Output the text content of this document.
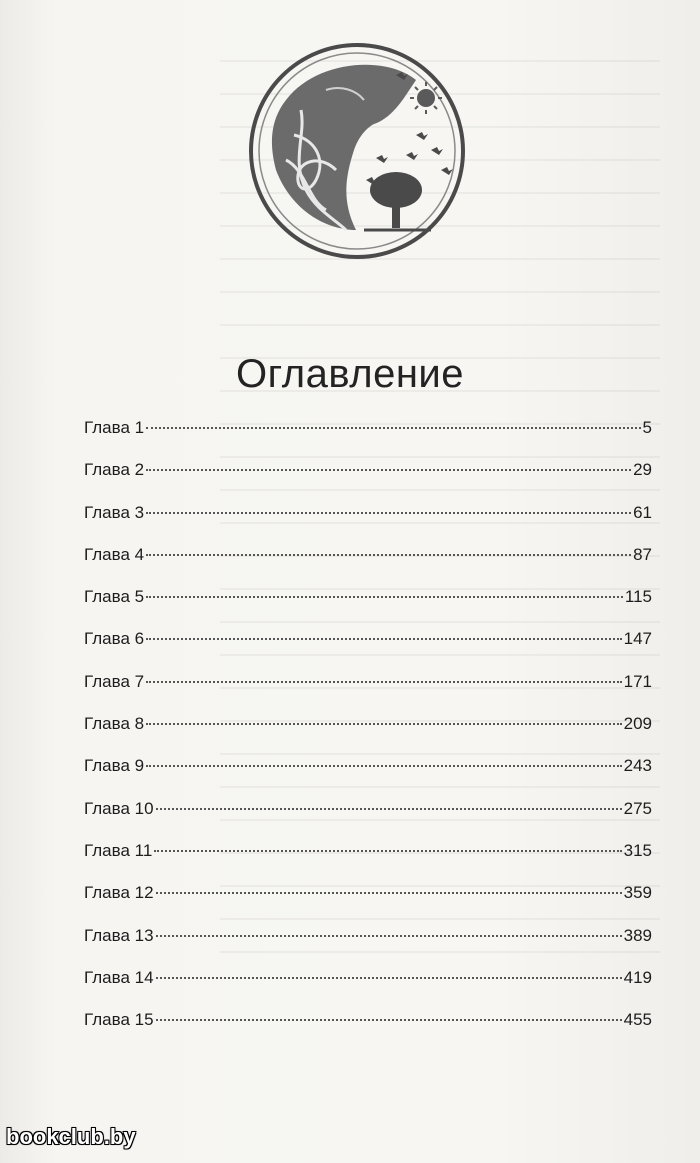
Оглавление
Глава 1	5
Глава 2	29
Глава 3	61
Глава 4	87
Глава 5	115
Глава 6	147
Глава 7	171
Глава 8	209
Глава 9	243
Глава 10	275
Глава 11	315
Глава 12	359
Глава 13	389
Глава 14	419
Глава 15	455
bookclub.by
